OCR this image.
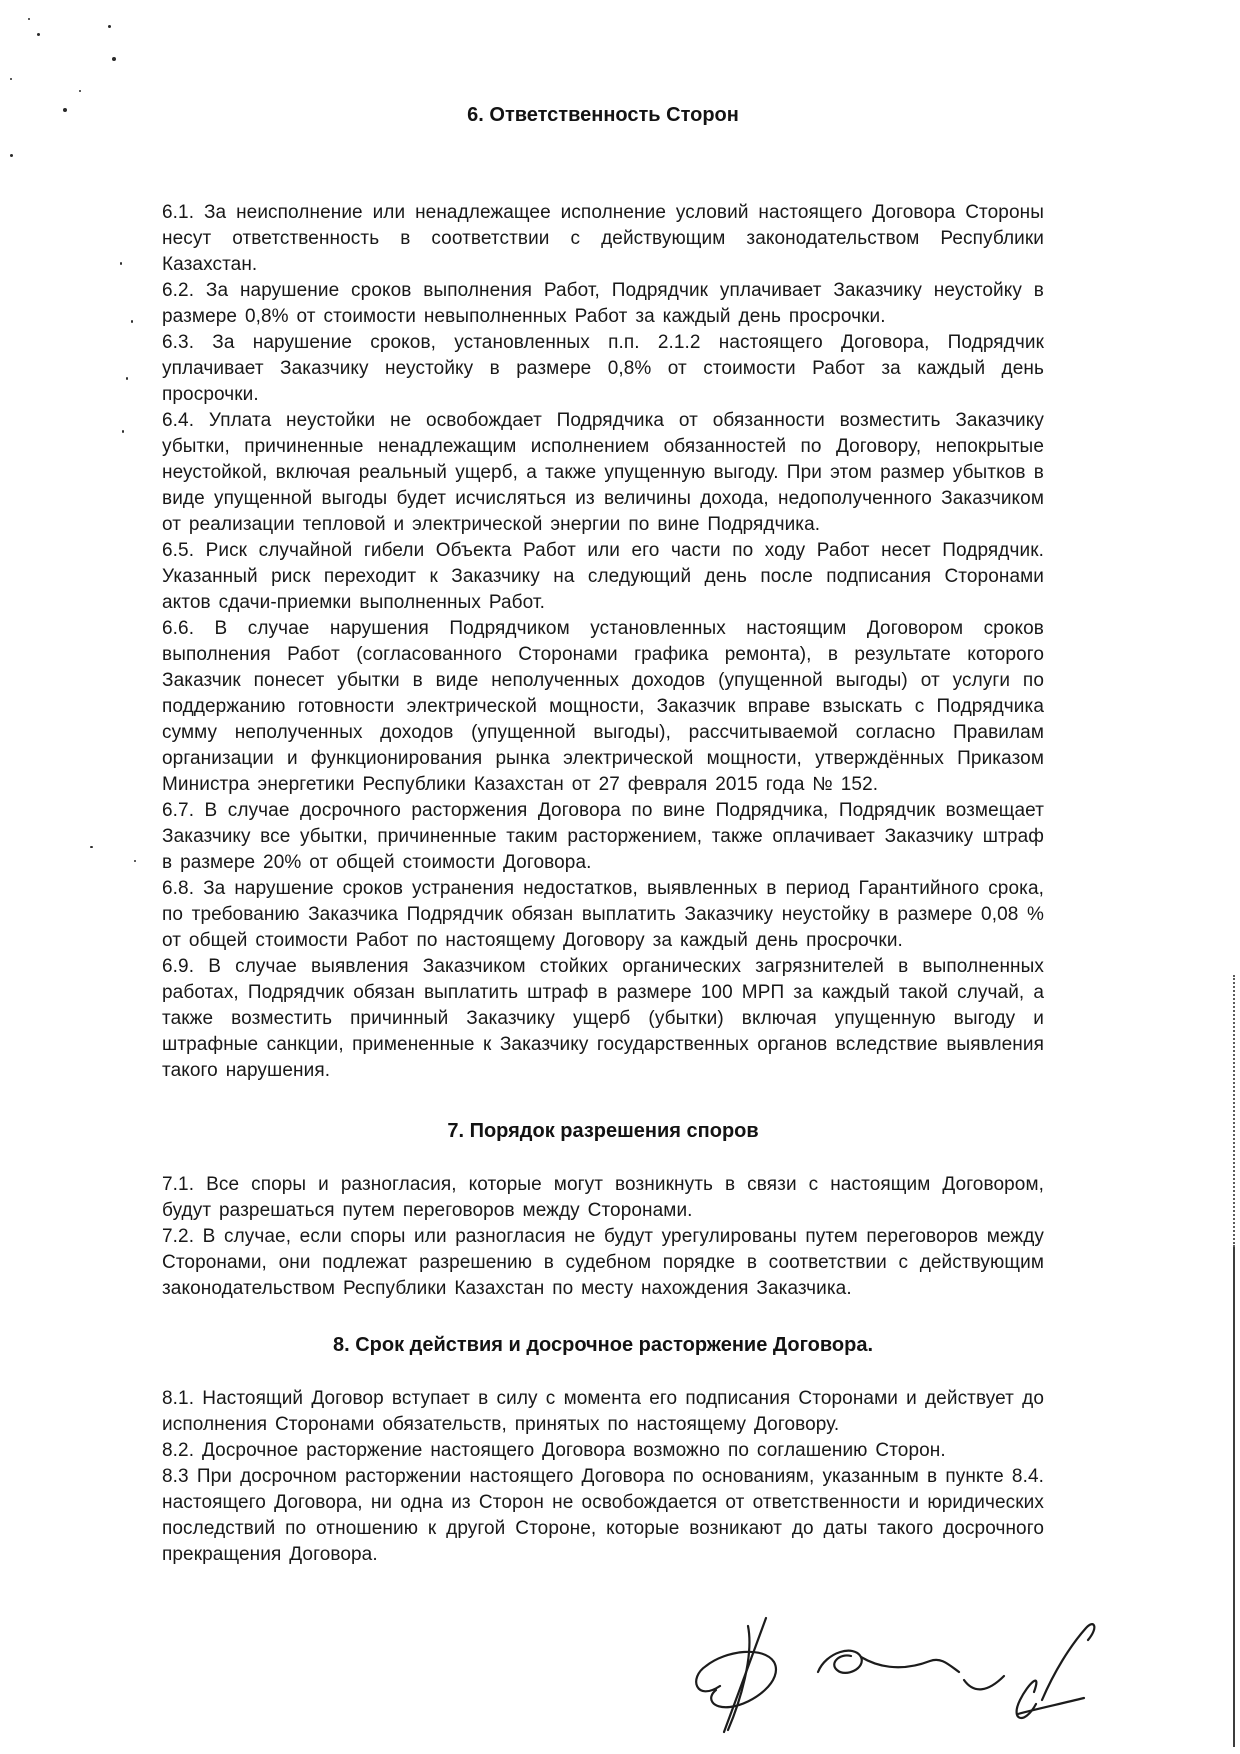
6. Ответственность Сторон

6.1. За неисполнение или ненадлежащее исполнение условий настоящего Договора Стороны несут ответственность в соответствии с действующим законодательством Республики Казахстан.

6.2. За нарушение сроков выполнения Работ, Подрядчик уплачивает Заказчику неустойку в размере 0,8% от стоимости невыполненных Работ за каждый день просрочки.

6.3. За нарушение сроков, установленных п.п. 2.1.2 настоящего Договора, Подрядчик уплачивает Заказчику неустойку в размере 0,8% от стоимости Работ за каждый день просрочки.

6.4. Уплата неустойки не освобождает Подрядчика от обязанности возместить Заказчику убытки, причиненные ненадлежащим исполнением обязанностей по Договору, непокрытые неустойкой, включая реальный ущерб, а также упущенную выгоду. При этом размер убытков в виде упущенной выгоды будет исчисляться из величины дохода, недополученного Заказчиком от реализации тепловой и электрической энергии по вине Подрядчика.

6.5. Риск случайной гибели Объекта Работ или его части по ходу Работ несет Подрядчик. Указанный риск переходит к Заказчику на следующий день после подписания Сторонами актов сдачи-приемки выполненных Работ.

6.6. В случае нарушения Подрядчиком установленных настоящим Договором сроков выполнения Работ (согласованного Сторонами графика ремонта), в результате которого Заказчик понесет убытки в виде неполученных доходов (упущенной выгоды) от услуги по поддержанию готовности электрической мощности, Заказчик вправе взыскать с Подрядчика сумму неполученных доходов (упущенной выгоды), рассчитываемой согласно Правилам организации и функционирования рынка электрической мощности, утверждённых Приказом Министра энергетики Республики Казахстан от 27 февраля 2015 года № 152.

6.7. В случае досрочного расторжения Договора по вине Подрядчика, Подрядчик возмещает Заказчику все убытки, причиненные таким расторжением, также оплачивает Заказчику штраф в размере 20% от общей стоимости Договора.

6.8. За нарушение сроков устранения недостатков, выявленных в период Гарантийного срока, по требованию Заказчика Подрядчик обязан выплатить Заказчику неустойку в размере 0,08 % от общей стоимости Работ по настоящему Договору за каждый день просрочки.

6.9. В случае выявления Заказчиком стойких органических загрязнителей в выполненных работах, Подрядчик обязан выплатить штраф в размере 100 МРП за каждый такой случай, а также возместить причинный Заказчику ущерб (убытки) включая упущенную выгоду и штрафные санкции, примененные к Заказчику государственных органов вследствие выявления такого нарушения.

7. Порядок разрешения споров

7.1. Все споры и разногласия, которые могут возникнуть в связи с настоящим Договором, будут разрешаться путем переговоров между Сторонами.

7.2. В случае, если споры или разногласия не будут урегулированы путем переговоров между Сторонами, они подлежат разрешению в судебном порядке в соответствии с действующим законодательством Республики Казахстан по месту нахождения Заказчика.

8. Срок действия и досрочное расторжение Договора.

8.1. Настоящий Договор вступает в силу с момента его подписания Сторонами и действует до исполнения Сторонами обязательств, принятых по настоящему Договору.

8.2. Досрочное расторжение настоящего Договора возможно по соглашению Сторон.

8.3 При досрочном расторжении настоящего Договора по основаниям, указанным в пункте 8.4. настоящего Договора, ни одна из Сторон не освобождается от ответственности и юридических последствий по отношению к другой Стороне, которые возникают до даты такого досрочного прекращения Договора.
